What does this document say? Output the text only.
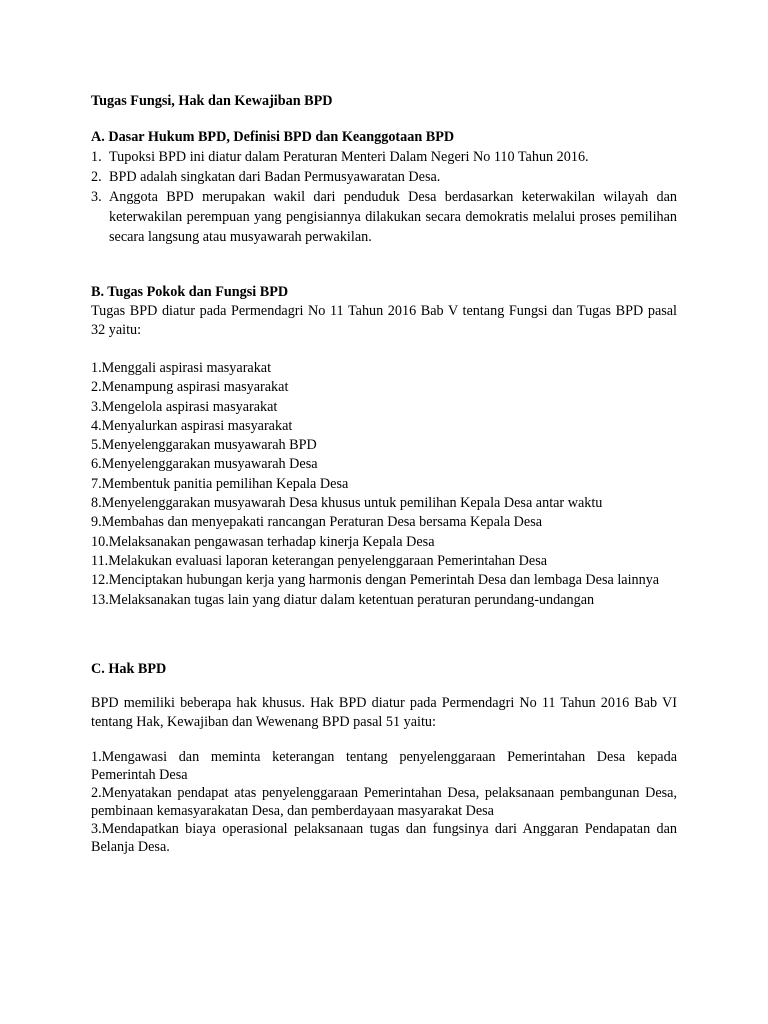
Tugas Fungsi, Hak dan Kewajiban BPD

A. Dasar Hukum BPD, Definisi BPD dan Keanggotaan BPD

1. Tupoksi BPD ini diatur dalam Peraturan Menteri Dalam Negeri No 110 Tahun 2016.
2. BPD adalah singkatan dari Badan Permusyawaratan Desa.
3. Anggota BPD merupakan wakil dari penduduk Desa berdasarkan keterwakilan wilayah dan keterwakilan perempuan yang pengisiannya dilakukan secara demokratis melalui proses pemilihan secara langsung atau musyawarah perwakilan.

B. Tugas Pokok dan Fungsi BPD

Tugas BPD diatur pada Permendagri No 11 Tahun 2016 Bab V tentang Fungsi dan Tugas BPD pasal 32 yaitu:

1.Menggali aspirasi masyarakat
2.Menampung aspirasi masyarakat
3.Mengelola aspirasi masyarakat
4.Menyalurkan aspirasi masyarakat
5.Menyelenggarakan musyawarah BPD
6.Menyelenggarakan musyawarah Desa
7.Membentuk panitia pemilihan Kepala Desa
8.Menyelenggarakan musyawarah Desa khusus untuk pemilihan Kepala Desa antar waktu
9.Membahas dan menyepakati rancangan Peraturan Desa bersama Kepala Desa
10.Melaksanakan pengawasan terhadap kinerja Kepala Desa
11.Melakukan evaluasi laporan keterangan penyelenggaraan Pemerintahan Desa
12.Menciptakan hubungan kerja yang harmonis dengan Pemerintah Desa dan lembaga Desa lainnya
13.Melaksanakan tugas lain yang diatur dalam ketentuan peraturan perundang-undangan

C. Hak BPD

BPD memiliki beberapa hak khusus. Hak BPD diatur pada Permendagri No 11 Tahun 2016 Bab VI tentang Hak, Kewajiban dan Wewenang BPD pasal 51 yaitu:

1.Mengawasi dan meminta keterangan tentang penyelenggaraan Pemerintahan Desa kepada Pemerintah Desa
2.Menyatakan pendapat atas penyelenggaraan Pemerintahan Desa, pelaksanaan pembangunan Desa, pembinaan kemasyarakatan Desa, dan pemberdayaan masyarakat Desa
3.Mendapatkan biaya operasional pelaksanaan tugas dan fungsinya dari Anggaran Pendapatan dan Belanja Desa.
